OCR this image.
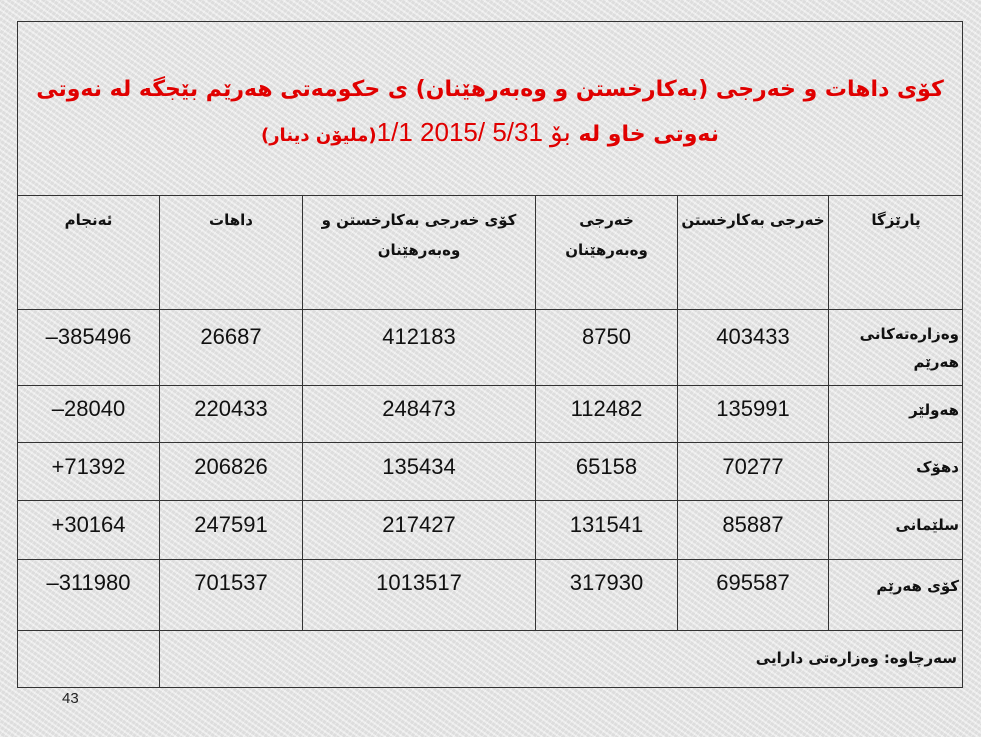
کۆی داهات و خەرجی (بەکارخستن و وەبەرهێنان) ی حکومەتی هەرێم بێجگە لە نەوتی
نەوتی خاو لە 1/1 بۆ 5/31 /2015(ملیۆن دینار)
پارێزگا
خەرجی بەکارخستن
خەرجی وەبەرهێنان
کۆی خەرجی بەکارخستن و وەبەرهێنان
داهات
ئەنجام
وەزارەتەکانی هەرێم
403433
8750
412183
26687
–385496
هەولێر
135991
112482
248473
220433
–28040
دهۆک
70277
65158
135434
206826
+71392
سلێمانی
85887
131541
217427
247591
+30164
کۆی هەرێم
695587
317930
1013517
701537
–311980
سەرچاوە: وەزارەتی دارایی
43
